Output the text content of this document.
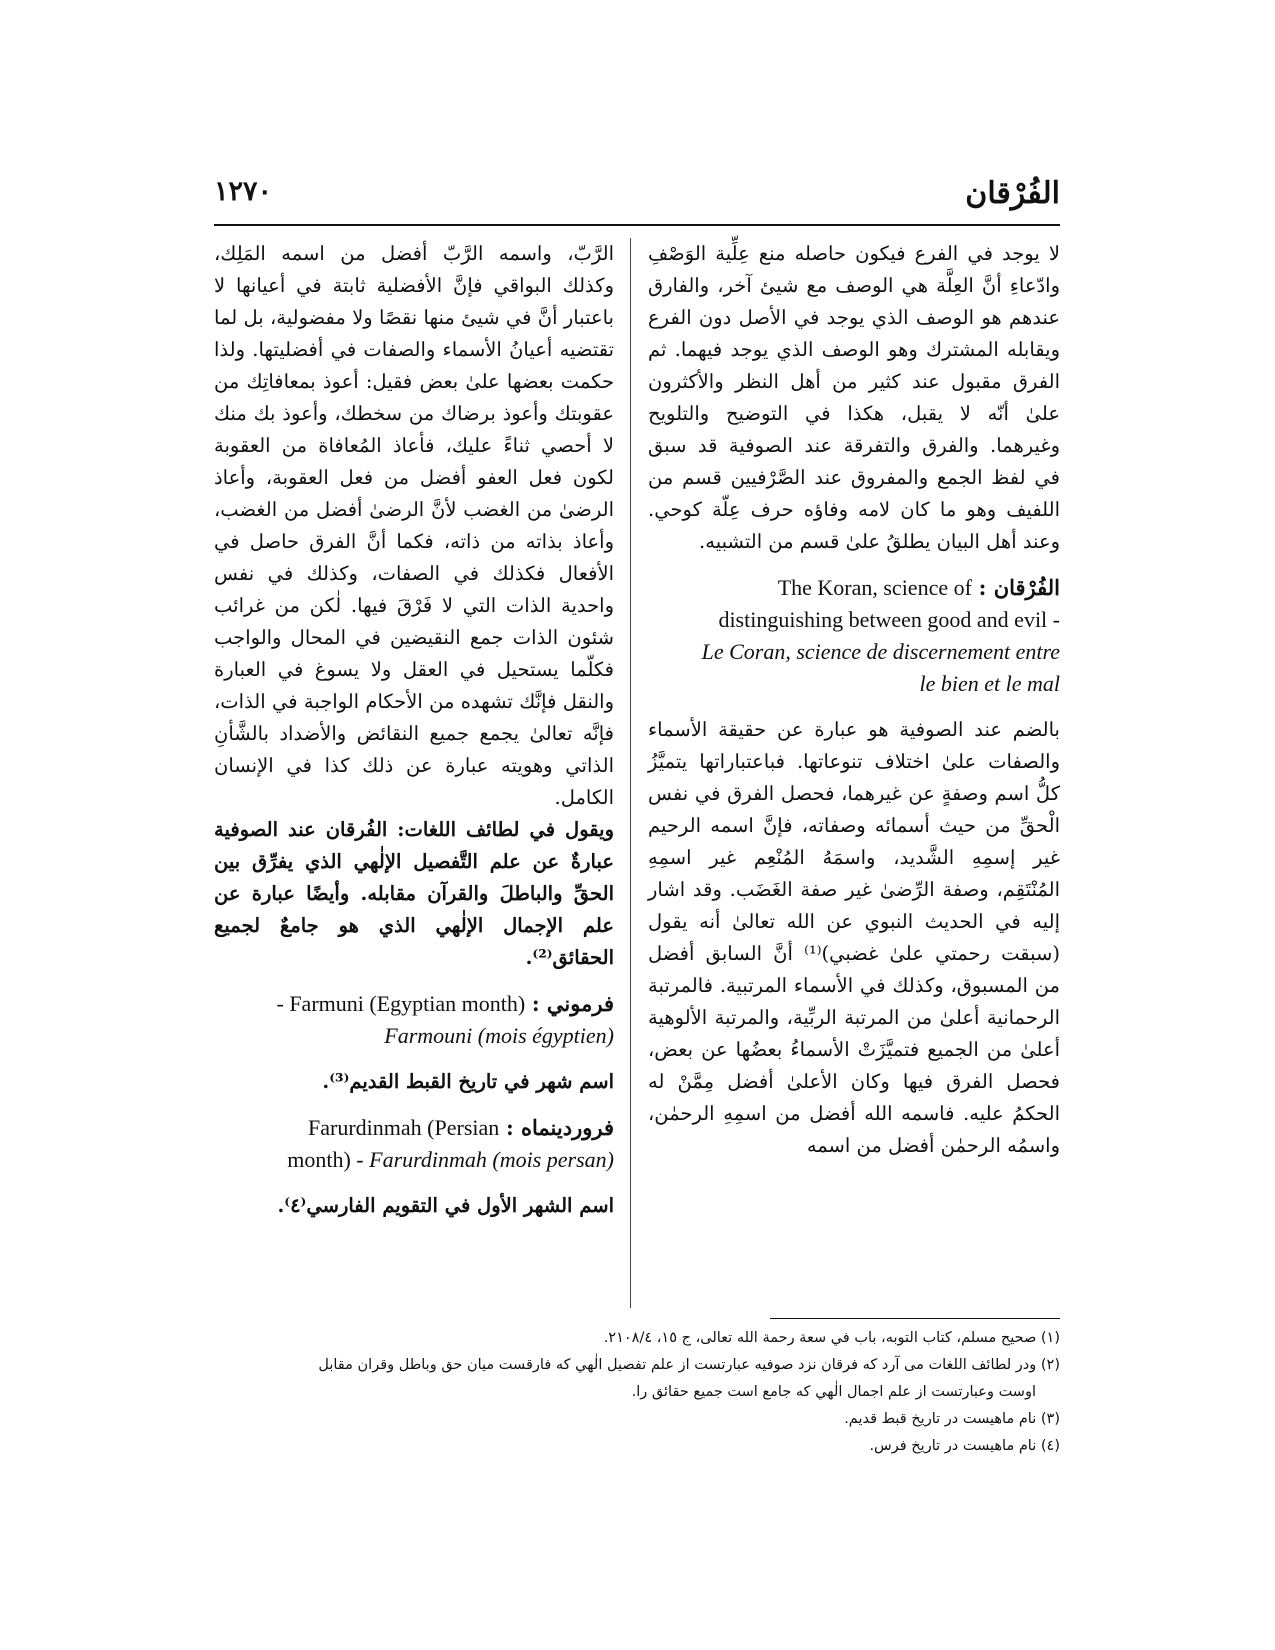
الفُرْقان
١٢٧٠

لا يوجد في الفرع فيكون حاصله منع عِلِّية الوَصْفِ وادّعاءِ أنَّ العِلَّة هي الوصف مع شيئ آخر، والفارق عندهم هو الوصف الذي يوجد في الأصل دون الفرع ويقابله المشترك وهو الوصف الذي يوجد فيهما. ثم الفرق مقبول عند كثير من أهل النظر والأكثرون علىٰ أنّه لا يقبل، هكذا في التوضيح والتلويح وغيرهما. والفرق والتفرقة عند الصوفية قد سبق في لفظ الجمع والمفروق عند الصَّرْفيين قسم من اللفيف وهو ما كان لامه وفاؤه حرف عِلّة كوحي. وعند أهل البيان يطلقُ علىٰ قسم من التشبيه.

الفُرْقان : The Koran, science of
distinguishing between good and evil -
Le Coran, science de discernement entre
le bien et le mal

بالضم عند الصوفية هو عبارة عن حقيقة الأسماء والصفات علىٰ اختلاف تنوعاتها. فباعتباراتها يتميَّزُ كلُّ اسم وصفةٍ عن غيرهما، فحصل الفرق في نفس الْحقِّ من حيث أسمائه وصفاته، فإنَّ اسمه الرحيم غير إسمِهِ الشَّديد، واسمَهُ المُنْعِم غير اسمِهِ المُنْتَقِم، وصفة الرِّضىٰ غير صفة الغَضَب. وقد اشار إليه في الحديث النبوي عن الله تعالىٰ أنه يقول (سبقت رحمتي علىٰ غضبي)⁽¹⁾ أنَّ السابق أفضل من المسبوق، وكذلك في الأسماء المرتبية. فالمرتبة الرحمانية أعلىٰ من المرتبة الربِّية، والمرتبة الألوهية أعلىٰ من الجميع فتميَّزَتْ الأسماءُ بعضُها عن بعض، فحصل الفرق فيها وكان الأعلىٰ أفضل مِمَّنْ له الحكمُ عليه. فاسمه الله أفضل من اسمِهِ الرحمٰن، واسمُه الرحمٰن أفضل من اسمه

الرَّبّ، واسمه الرَّبّ أفضل من اسمه المَلِك، وكذلك البواقي فإنَّ الأفضلية ثابتة في أعيانها لا باعتبار أنَّ في شيئ منها نقصًا ولا مفضولية، بل لما تقتضيه أعيانُ الأسماء والصفات في أفضليتها. ولذا حكمت بعضها علىٰ بعض فقيل: أعوذ بمعافاتِك من عقوبتك وأعوذ برضاك من سخطك، وأعوذ بك منك لا أحصي ثناءً عليك، فأعاذ المُعافاة من العقوبة لكون فعل العفو أفضل من فعل العقوبة، وأعاذ الرضىٰ من الغضب لأنَّ الرضىٰ أفضل من الغضب، وأعاذ بذاته من ذاته، فكما أنَّ الفرق حاصل في الأفعال فكذلك في الصفات، وكذلك في نفس واحدية الذات التي لا فَرْقَ فيها. لٰكن من غرائب شئون الذات جمع النقيضين في المحال والواجب فكلّما يستحيل في العقل ولا يسوغ في العبارة والنقل فإنَّك تشهده من الأحكام الواجبة في الذات، فإنَّه تعالىٰ يجمع جميع النقائض والأضداد بالشَّأنِ الذاتي وهويته عبارة عن ذلك كذا في الإنسان الكامل.

ويقول في لطائف اللغات: الفُرقان عند الصوفية عبارةٌ عن علم التَّفصيل الإلٰهي الذي يفرِّق بين الحقِّ والباطلَ والقرآن مقابله. وأيضًا عبارة عن علم الإجمال الإلٰهي الذي هو جامعٌ لجميع الحقائق⁽²⁾.

فرموني : Farmuni (Egyptian month) -
Farmouni (mois égyptien)

اسم شهر في تاريخ القبط القديم⁽³⁾.

فروردينماه : Farurdinmah (Persian
month) - Farurdinmah (mois persan)

اسم الشهر الأول في التقويم الفارسي⁽٤⁾.

(١) صحيح مسلم، كتاب التوبه، باب في سعة رحمة الله تعالى، ج ١٥، ٢١٠٨/٤.

(٢) ودر لطائف اللغات مى آرد كه فرقان نزد صوفيه عبارتست از علم تفصيل الٰهي كه فارقست ميان حق وباطل وقران مقابل

اوست وعبارتست از علم اجمال الٰهي كه جامع است جميع حقائق را.

(٣) نام ماهيست در تاريخ قبط قديم.

(٤) نام ماهيست در تاريخ فرس.
